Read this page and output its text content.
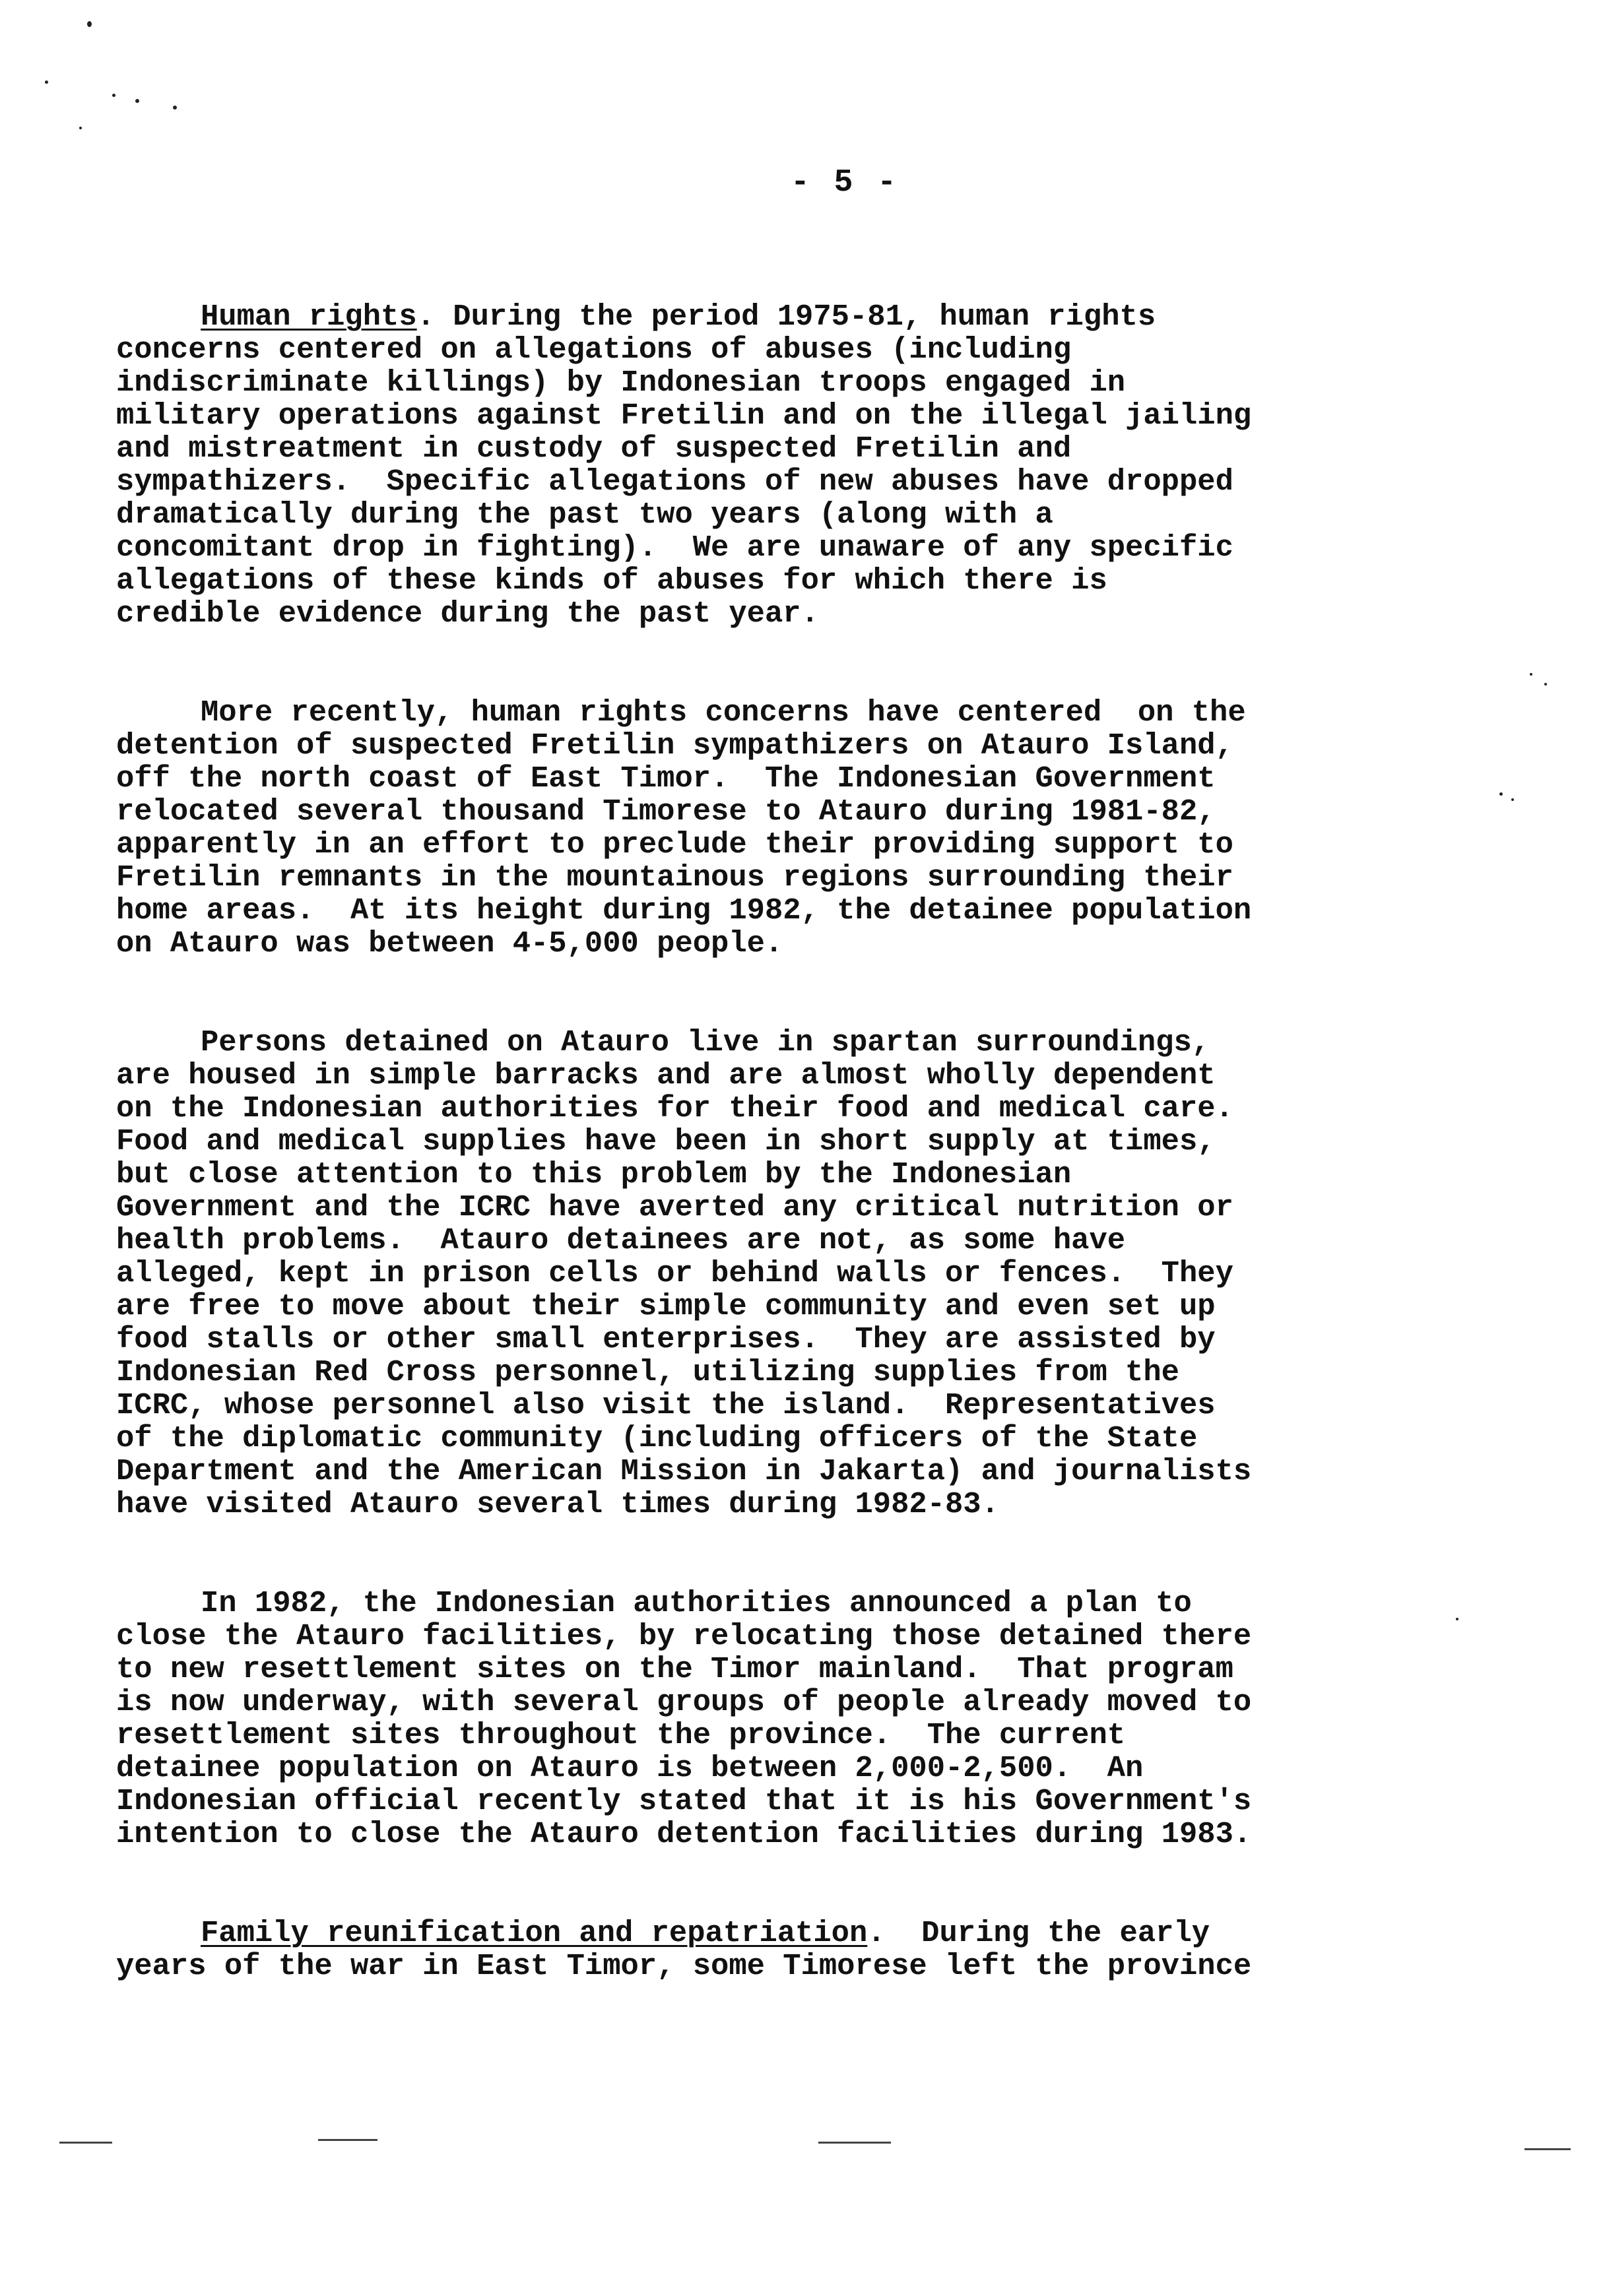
- 5 -
Human rights. During the period 1975-81, human rights
concerns centered on allegations of abuses (including
indiscriminate killings) by Indonesian troops engaged in
military operations against Fretilin and on the illegal jailing
and mistreatment in custody of suspected Fretilin and
sympathizers.  Specific allegations of new abuses have dropped
dramatically during the past two years (along with a
concomitant drop in fighting).  We are unaware of any specific
allegations of these kinds of abuses for which there is
credible evidence during the past year.
More recently, human rights concerns have centered  on the
detention of suspected Fretilin sympathizers on Atauro Island,
off the north coast of East Timor.  The Indonesian Government
relocated several thousand Timorese to Atauro during 1981-82,
apparently in an effort to preclude their providing support to
Fretilin remnants in the mountainous regions surrounding their
home areas.  At its height during 1982, the detainee population
on Atauro was between 4-5,000 people.
Persons detained on Atauro live in spartan surroundings,
are housed in simple barracks and are almost wholly dependent
on the Indonesian authorities for their food and medical care.
Food and medical supplies have been in short supply at times,
but close attention to this problem by the Indonesian
Government and the ICRC have averted any critical nutrition or
health problems.  Atauro detainees are not, as some have
alleged, kept in prison cells or behind walls or fences.  They
are free to move about their simple community and even set up
food stalls or other small enterprises.  They are assisted by
Indonesian Red Cross personnel, utilizing supplies from the
ICRC, whose personnel also visit the island.  Representatives
of the diplomatic community (including officers of the State
Department and the American Mission in Jakarta) and journalists
have visited Atauro several times during 1982-83.
In 1982, the Indonesian authorities announced a plan to
close the Atauro facilities, by relocating those detained there
to new resettlement sites on the Timor mainland.  That program
is now underway, with several groups of people already moved to
resettlement sites throughout the province.  The current
detainee population on Atauro is between 2,000-2,500.  An
Indonesian official recently stated that it is his Government's
intention to close the Atauro detention facilities during 1983.
Family reunification and repatriation.  During the early
years of the war in East Timor, some Timorese left the province
